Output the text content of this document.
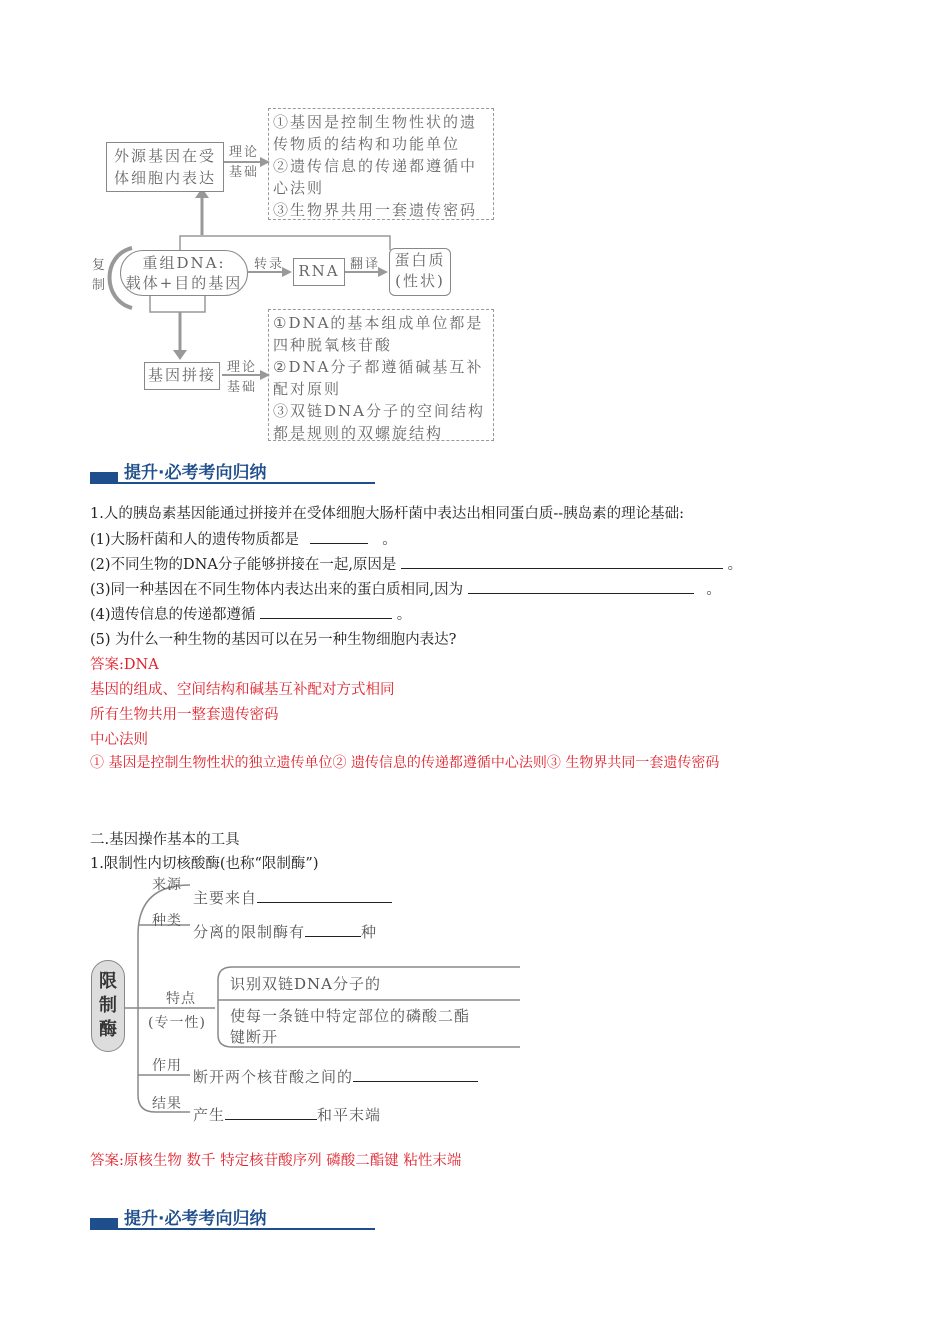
外源基因在受
体细胞内表达
理论
基础
①基因是控制生物性状的遗
传物质的结构和功能单位
②遗传信息的传递都遵循中
心法则
③生物界共用一套遗传密码
复
制
重组DNA:
载体+目的基因
转录 RNA 翻译 蛋白质
(性状)
基因拼接 理论
基础
①DNA的基本组成单位都是
四种脱氧核苷酸
②DNA分子都遵循碱基互补
配对原则
③双链DNA分子的空间结构
都是规则的双螺旋结构
提升·必考考向归纳
1.人的胰岛素基因能通过拼接并在受体细胞大肠杆菌中表达出相同蛋白质--胰岛素的理论基础:
(1)大肠杆菌和人的遗传物质都是	。
(2)不同生物的DNA分子能够拼接在一起,原因是	。
(3)同一种基因在不同生物体内表达出来的蛋白质相同,因为	。
(4)遗传信息的传递都遵循	。
(5) 为什么一种生物的基因可以在另一种生物细胞内表达?
答案:DNA
基因的组成、空间结构和碱基互补配对方式相同
所有生物共用一整套遗传密码
中心法则
① 基因是控制生物性状的独立遗传单位② 遗传信息的传递都遵循中心法则③ 生物界共同一套遗传密码
二.基因操作基本的工具
1.限制性内切核酸酶(也称“限制酶”)
限
制
酶
来源
主要来自
种类
分离的限制酶有	种
特点
(专一性)
识别双链DNA分子的
使每一条链中特定部位的磷酸二酯
键断开
作用
断开两个核苷酸之间的
结果
产生	和平末端
答案:原核生物 数千 特定核苷酸序列 磷酸二酯键 粘性末端
提升·必考考向归纳
